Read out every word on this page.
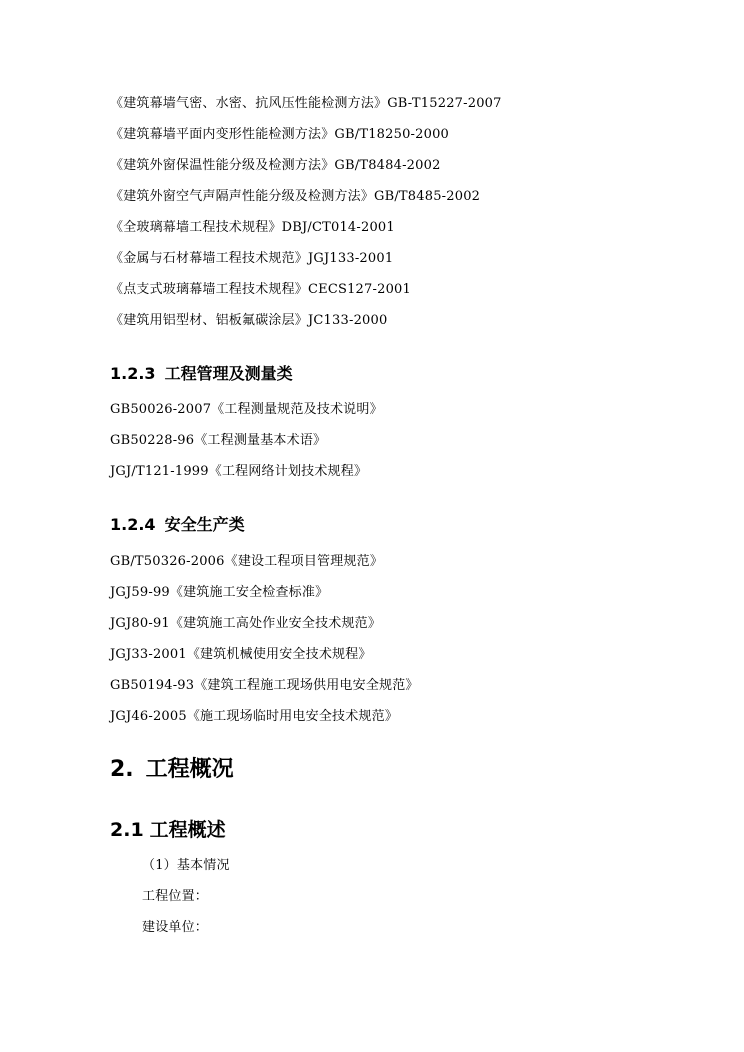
《建筑幕墙气密、水密、抗风压性能检测方法》GB-T15227-2007
《建筑幕墙平面内变形性能检测方法》GB/T18250-2000
《建筑外窗保温性能分级及检测方法》GB/T8484-2002
《建筑外窗空气声隔声性能分级及检测方法》GB/T8485-2002
《全玻璃幕墙工程技术规程》DBJ/CT014-2001
《金属与石材幕墙工程技术规范》JGJ133-2001
《点支式玻璃幕墙工程技术规程》CECS127-2001
《建筑用铝型材、铝板氟碳涂层》JC133-2000
1.2.3 工程管理及测量类
GB50026-2007《工程测量规范及技术说明》
GB50228-96《工程测量基本术语》
JGJ/T121-1999《工程网络计划技术规程》
1.2.4 安全生产类
GB/T50326-2006《建设工程项目管理规范》
JGJ59-99《建筑施工安全检查标准》
JGJ80-91《建筑施工高处作业安全技术规范》
JGJ33-2001《建筑机械使用安全技术规程》
GB50194-93《建筑工程施工现场供用电安全规范》
JGJ46-2005《施工现场临时用电安全技术规范》
2. 工程概况
2.1 工程概述
（1）基本情况
工程位置：
建设单位：
